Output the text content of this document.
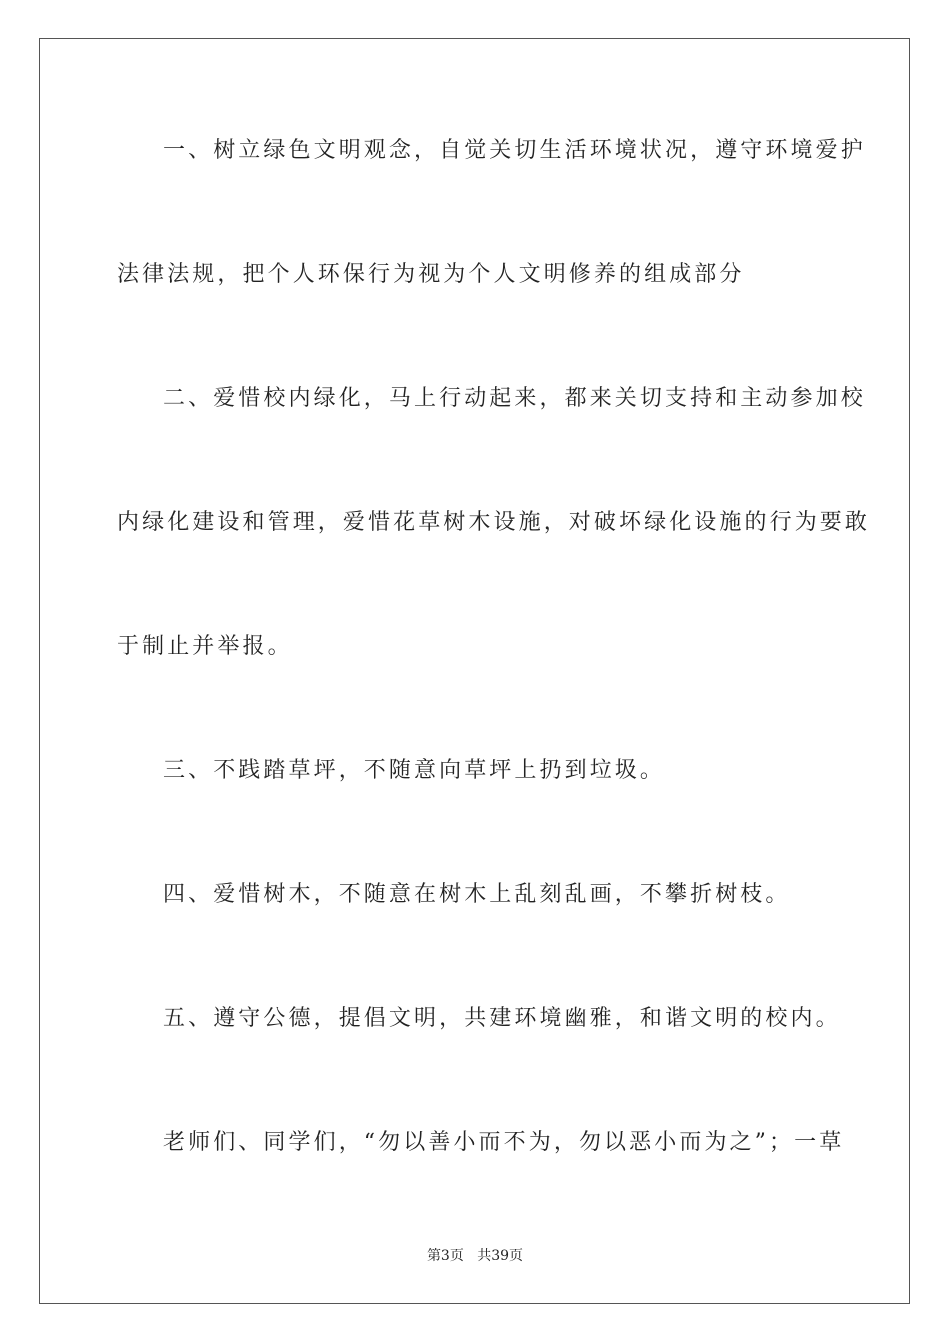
一、树立绿色文明观念，自觉关切生活环境状况，遵守环境爱护
法律法规，把个人环保行为视为个人文明修养的组成部分
二、爱惜校内绿化，马上行动起来，都来关切支持和主动参加校
内绿化建设和管理，爱惜花草树木设施，对破坏绿化设施的行为要敢
于制止并举报。
三、不践踏草坪，不随意向草坪上扔到垃圾。
四、爱惜树木，不随意在树木上乱刻乱画，不攀折树枝。
五、遵守公德，提倡文明，共建环境幽雅，和谐文明的校内。
老师们、同学们，“勿以善小而不为，勿以恶小而为之”；一草
第3页 共39页
